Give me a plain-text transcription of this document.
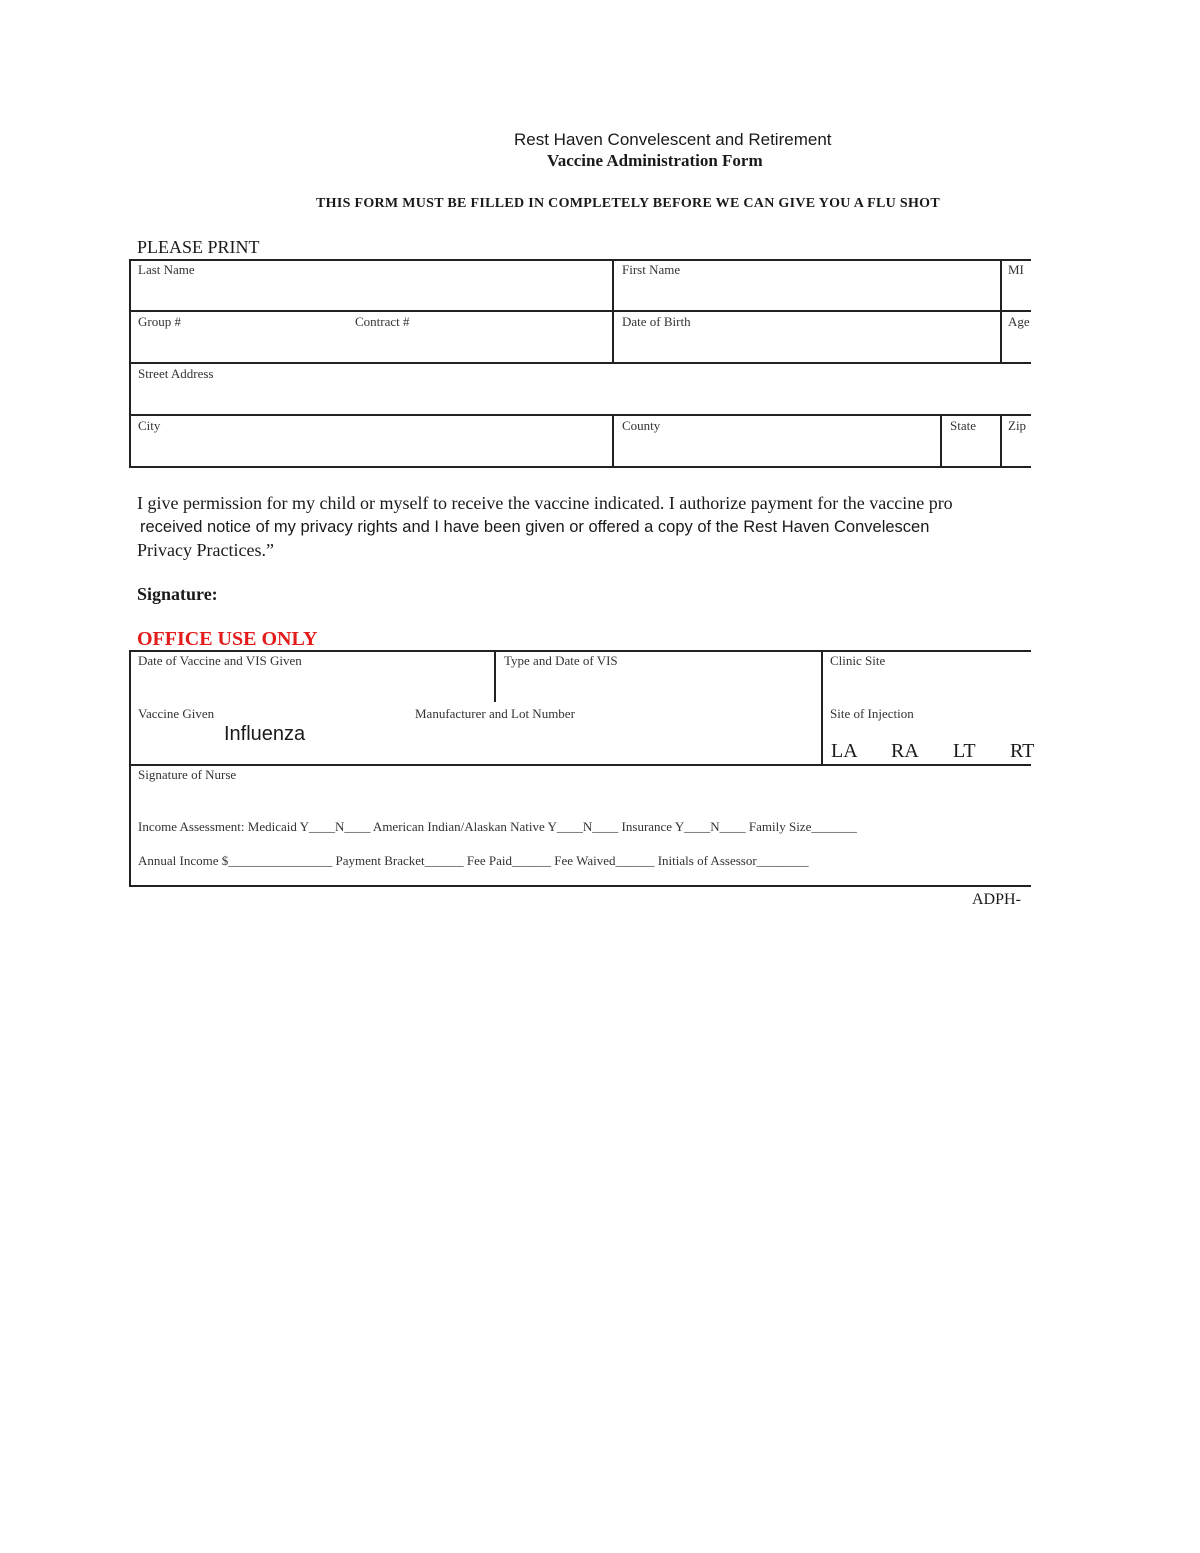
Rest Haven Convelescent and Retirement
Vaccine Administration Form
THIS FORM MUST BE FILLED IN COMPLETELY BEFORE WE CAN GIVE YOU A FLU SHOT
PLEASE PRINT
Last Name	First Name	MI
Group #	Contract #	Date of Birth	Age
Street Address
City	County	State Zip
I give permission for my child or myself to receive the vaccine indicated. I authorize payment for the vaccine pro
received notice of my privacy rights and I have been given or offered a copy of the Rest Haven Convelescen
Privacy Practices.”
Signature:
OFFICE USE ONLY
Date of Vaccine and VIS Given	Type and Date of VIS	Clinic Site
Vaccine Given
Influenza
Manufacturer and Lot Number	Site of Injection
LA RA LT RT
Signature of Nurse
Income Assessment: Medicaid Y____N____ American Indian/Alaskan Native Y____N____ Insurance Y____N____ Family Size_______
Annual Income $________________ Payment Bracket______ Fee Paid______ Fee Waived______ Initials of Assessor________
ADPH-
